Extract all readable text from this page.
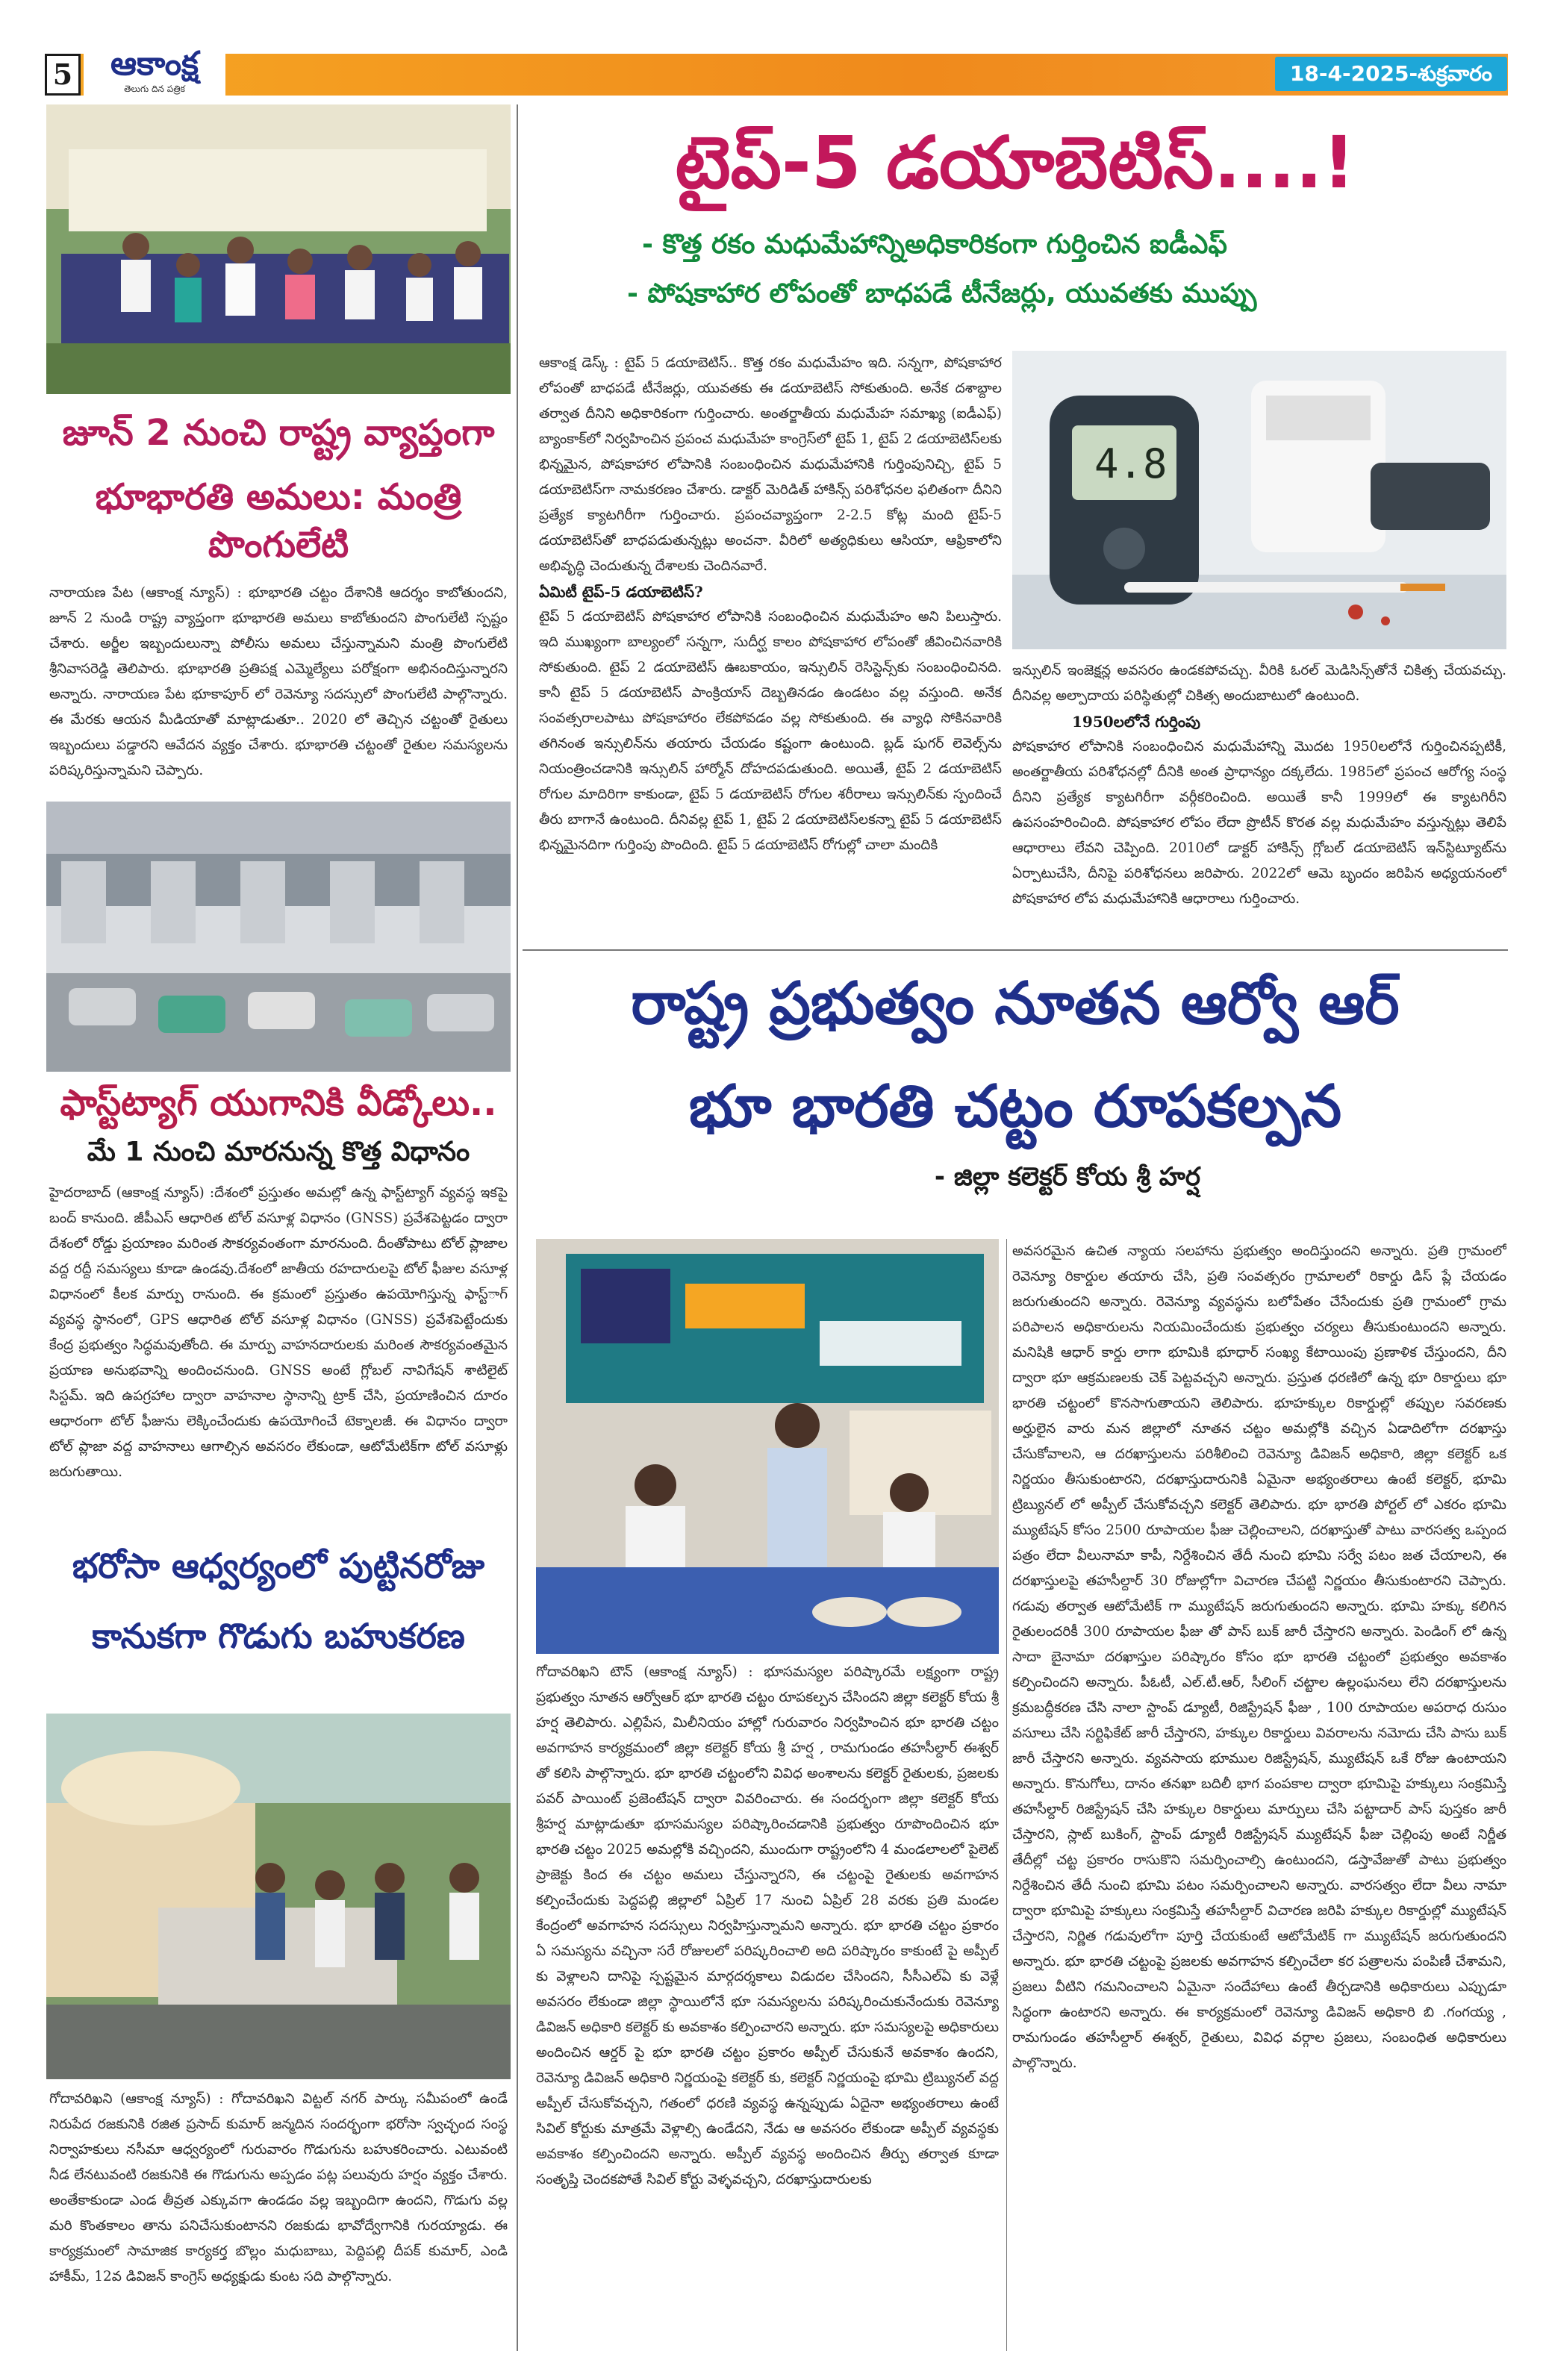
5	ఆకాంక్ష
తెలుగు దిన పత్రిక
18-4-2025-శుక్రవారం
జూన్ 2 నుంచి రాష్ట్ర వ్యాప్తంగా
భూభారతి అమలు: మంత్రి పొంగులేటి
నారాయణ పేట (ఆకాంక్ష న్యూస్) : భూభారతి చట్టం దేశానికి ఆదర్శం కాబోతుందని, జూన్ 2 నుండి రాష్ట్ర వ్యాప్తంగా భూభారతి అమలు కాబోతుందని పొంగులేటి స్పష్టం చేశారు. అర్జీల ఇబ్బందులున్నా పోలీసు అమలు చేస్తున్నామని మంత్రి పొంగులేటి శ్రీనివాసరెడ్డి తెలిపారు. భూభారతి ప్రతిపక్ష ఎమ్మెల్యేలు పరోక్షంగా అభినందిస్తున్నారని అన్నారు. నారాయణ పేట భూకాపూర్ లో రెవెన్యూ సదస్సులో పొంగులేటి పాల్గొన్నారు. ఈ మేరకు ఆయన మీడియాతో మాట్లాడుతూ.. 2020 లో తెచ్చిన చట్టంతో రైతులు ఇబ్బందులు పడ్డారని ఆవేదన వ్యక్తం చేశారు. భూభారతి చట్టంతో రైతుల సమస్యలను పరిష్కరిస్తున్నామని చెప్పారు.
ఫాస్ట్‌ట్యాగ్ యుగానికి వీడ్కోలు..
మే 1 నుంచి మారనున్న కొత్త విధానం
హైదరాబాద్ (ఆకాంక్ష న్యూస్) :దేశంలో ప్రస్తుతం అమల్లో ఉన్న ఫాస్ట్‌ట్యాగ్ వ్యవస్థ ఇకపై బంద్ కానుంది. జీపీఎస్ ఆధారిత టోల్ వసూళ్ల విధానం (GNSS) ప్రవేశపెట్టడం ద్వారా దేశంలో రోడ్డు ప్రయాణం మరింత సౌకర్యవంతంగా మారనుంది. దీంతోపాటు టోల్ ప్లాజాల వద్ద రద్దీ సమస్యలు కూడా ఉండవు.దేశంలో జాతీయ రహదారులపై టోల్ ఫీజుల వసూళ్ల విధానంలో కీలక మార్పు రానుంది. ఈ క్రమంలో ప్రస్తుతం ఉపయోగిస్తున్న ఫాస్ట్‌ాగ్ వ్యవస్థ స్థానంలో, GPS ఆధారిత టోల్ వసూళ్ల విధానం (GNSS) ప్రవేశపెట్టేందుకు కేంద్ర ప్రభుత్వం సిద్ధమవుతోంది. ఈ మార్పు వాహనదారులకు మరింత సౌకర్యవంతమైన ప్రయాణ అనుభవాన్ని అందించనుంది. GNSS అంటే గ్లోబల్ నావిగేషన్ శాటిలైట్ సిస్టమ్. ఇది ఉపగ్రహాల ద్వారా వాహనాల స్థానాన్ని ట్రాక్ చేసి, ప్రయాణించిన దూరం ఆధారంగా టోల్ ఫీజును లెక్కించేందుకు ఉపయోగించే టెక్నాలజీ. ఈ విధానం ద్వారా టోల్ ప్లాజా వద్ద వాహనాలు ఆగాల్సిన అవసరం లేకుండా, ఆటోమేటిక్‌గా టోల్ వసూళ్లు జరుగుతాయి.
భరోసా ఆధ్వర్యంలో పుట్టినరోజు
కానుకగా గొడుగు బహుకరణ
గోదావరిఖని (ఆకాంక్ష న్యూస్) : గోదావరిఖని విట్టల్ నగర్ పార్కు సమీపంలో ఉండే నిరుపేద రజకునికి రజిత ప్రసాద్ కుమార్ జన్మదిన సందర్భంగా భరోసా స్వచ్ఛంద సంస్థ నిర్వాహకులు నసీమా ఆధ్వర్యంలో గురువారం గొడుగును బహుకరించారు. ఎటువంటి నీడ లేనటువంటి రజకునికి ఈ గొడుగును అప్పడం పట్ల పలువురు హర్షం వ్యక్తం చేశారు. అంతేకాకుండా ఎండ తీవ్రత ఎక్కువగా ఉండడం వల్ల ఇబ్బందిగా ఉందని, గొడుగు వల్ల మరి కొంతకాలం తాను పనిచేసుకుంటానని రజకుడు భావోద్వేగానికి గురయ్యాడు. ఈ కార్యక్రమంలో సామాజిక కార్యకర్త బొల్లం మధుబాబు, పెద్దిపల్లి దీపక్ కుమార్, ఎండి హాకీమ్, 12వ డివిజన్ కాంగ్రెస్ అధ్యక్షుడు కుంట సది పాల్గొన్నారు.
టైప్-5 డయాబెటిస్....!
- కొత్త రకం మధుమేహాన్నిఅధికారికంగా గుర్తించిన ఐడీఎఫ్
- పోషకాహార లోపంతో బాధపడే టీనేజర్లు, యువతకు ముప్పు
ఆకాంక్ష డెస్క్ : టైప్ 5 డయాబెటిస్.. కొత్త రకం మధుమేహం ఇది. సన్నగా, పోషకాహార లోపంతో బాధపడే టీనేజర్లు, యువతకు ఈ డయాబెటిస్ సోకుతుంది. అనేక దశాబ్దాల తర్వాత దీనిని అధికారికంగా గుర్తించారు. అంతర్జాతీయ మధుమేహ సమాఖ్య (ఐడీఎఫ్) బ్యాంకాక్‌లో నిర్వహించిన ప్రపంచ మధుమేహ కాంగ్రెస్‌లో టైప్ 1, టైప్ 2 డయాబెటిస్‌లకు భిన్నమైన, పోషకాహార లోపానికి సంబంధించిన మధుమేహానికి గుర్తింపునిచ్చి, టైప్ 5 డయాబెటిస్‌గా నామకరణం చేశారు. డాక్టర్ మెరిడిత్ హాకిన్స్ పరిశోధనల ఫలితంగా దీనిని ప్రత్యేక క్యాటగిరీగా గుర్తించారు. ప్రపంచవ్యాప్తంగా 2-2.5 కోట్ల మంది టైప్-5 డయాబెటిస్‌తో బాధపడుతున్నట్లు అంచనా. వీరిలో అత్యధికులు ఆసియా, ఆఫ్రికాలోని అభివృద్ధి చెందుతున్న దేశాలకు చెందినవారే.
ఏమిటీ టైప్-5 డయాబెటిస్?
టైప్ 5 డయాబెటిస్ పోషకాహార లోపానికి సంబంధించిన మధుమేహం అని పిలుస్తారు. ఇది ముఖ్యంగా బాల్యంలో సన్నగా, సుదీర్ఘ కాలం పోషకాహార లోపంతో జీవించినవారికి సోకుతుంది. టైప్ 2 డయాబెటిస్ ఊబకాయం, ఇన్సులిన్ రెసిస్టెన్స్‌కు సంబంధించినది. కానీ టైప్ 5 డయాబెటిస్ పాంక్రియాస్ దెబ్బతినడం ఉండటం వల్ల వస్తుంది. అనేక సంవత్సరాలపాటు పోషకాహారం లేకపోవడం వల్ల సోకుతుంది. ఈ వ్యాధి సోకినవారికి తగినంత ఇన్సులిన్‌ను తయారు చేయడం కష్టంగా ఉంటుంది. బ్లడ్ షుగర్ లెవెల్స్‌ను నియంత్రించడానికి ఇన్సులిన్ హార్మోన్ దోహదపడుతుంది. అయితే, టైప్ 2 డయాబెటిస్ రోగుల మాదిరిగా కాకుండా, టైప్ 5 డయాబెటిస్ రోగుల శరీరాలు ఇన్సులిన్‌కు స్పందించే తీరు బాగానే ఉంటుంది. దీనివల్ల టైప్ 1, టైప్ 2 డయాబెటిస్‌లకన్నా టైప్ 5 డయాబెటిస్ భిన్నమైనదిగా గుర్తింపు పొందింది. టైప్ 5 డయాబెటిస్ రోగుల్లో చాలా మందికి
4.8
ఇన్సులిన్ ఇంజెక్షన్ల అవసరం ఉండకపోవచ్చు. వీరికి ఓరల్ మెడిసిన్స్‌తోనే చికిత్స చేయవచ్చు. దీనివల్ల అల్పాదాయ పరిస్థితుల్లో చికిత్స అందుబాటులో ఉంటుంది.
1950లలోనే గుర్తింపు
పోషకాహార లోపానికి సంబంధించిన మధుమేహాన్ని మొదట 1950లలోనే గుర్తించినప్పటికీ, అంతర్జాతీయ పరిశోధనల్లో దీనికి అంత ప్రాధాన్యం దక్కలేదు. 1985లో ప్రపంచ ఆరోగ్య సంస్థ దీనిని ప్రత్యేక క్యాటగిరీగా వర్గీకరించింది. అయితే కానీ 1999లో ఈ క్యాటగిరీని ఉపసంహరించింది. పోషకాహార లోపం లేదా ప్రొటీన్ కొరత వల్ల మధుమేహం వస్తున్నట్లు తెలిపే ఆధారాలు లేవని చెప్పింది. 2010లో డాక్టర్ హాకిన్స్ గ్లోబల్ డయాబెటిస్ ఇన్‌స్టిట్యూట్‌ను ఏర్పాటుచేసి, దీనిపై పరిశోధనలు జరిపారు. 2022లో ఆమె బృందం జరిపిన అధ్యయనంలో పోషకాహార లోప మధుమేహానికి ఆధారాలు గుర్తించారు.
రాష్ట్ర ప్రభుత్వం నూతన ఆర్వో ఆర్
భూ భారతి చట్టం రూపకల్పన
- జిల్లా కలెక్టర్ కోయ శ్రీ హర్ష
గోదావరిఖని టౌన్ (ఆకాంక్ష న్యూస్) : భూసమస్యల పరిష్కారమే లక్ష్యంగా రాష్ట్ర ప్రభుత్వం నూతన ఆర్వోఆర్ భూ భారతి చట్టం రూపకల్పన చేసిందని జిల్లా కలెక్టర్ కోయ శ్రీ హర్ష తెలిపారు. ఎల్లిపేస, మిలీనియం హాల్లో గురువారం నిర్వహించిన భూ భారతి చట్టం అవగాహన కార్యక్రమంలో జిల్లా కలెక్టర్ కోయ శ్రీ హర్ష , రామగుండం తహసీల్దార్ ఈశ్వర్ తో కలిసి పాల్గొన్నారు. భూ భారతి చట్టంలోని వివిధ అంశాలను కలెక్టర్ రైతులకు, ప్రజలకు పవర్ పాయింట్ ప్రజెంటేషన్ ద్వారా వివరించారు. ఈ సందర్భంగా జిల్లా కలెక్టర్ కోయ శ్రీహర్ష మాట్లాడుతూ భూసమస్యల పరిష్కారించడానికి ప్రభుత్వం రూపొందించిన భూ భారతి చట్టం 2025 అమల్లోకి వచ్చిందని, ముందుగా రాష్ట్రంలోని 4 మండలాలలో పైలెట్ ప్రాజెక్టు కింద ఈ చట్టం అమలు చేస్తున్నారని, ఈ చట్టంపై రైతులకు అవగాహన కల్పించేందుకు పెద్దపల్లి జిల్లాలో ఏప్రిల్ 17 నుంచి ఏప్రిల్ 28 వరకు ప్రతి మండల కేంద్రంలో అవగాహన సదస్సులు నిర్వహిస్తున్నామని అన్నారు. భూ భారతి చట్టం ప్రకారం ఏ సమస్యను వచ్చినా సరే రోజులలో పరిష్కరించాలి అది పరిష్కారం కాకుంటే పై అప్పీల్ కు వెళ్లాలని దానిపై స్పష్టమైన మార్గదర్శకాలు విడుదల చేసిందని, సీసీఎల్ఏ కు వెళ్లే అవసరం లేకుండా జిల్లా స్థాయిలోనే భూ సమస్యలను పరిష్కరించుకునేందుకు రెవెన్యూ డివిజన్ అధికారి కలెక్టర్ కు అవకాశం కల్పించారని అన్నారు. భూ సమస్యలపై అధికారులు అందించిన ఆర్డర్ పై భూ భారతి చట్టం ప్రకారం అప్పీల్ చేసుకునే అవకాశం ఉందని, రెవెన్యూ డివిజన్ అధికారి నిర్ణయంపై కలెక్టర్ కు, కలెక్టర్ నిర్ణయంపై భూమి ట్రిబ్యునల్ వద్ద అప్పీల్ చేసుకోవచ్చని, గతంలో ధరణి వ్యవస్థ ఉన్నప్పుడు ఏదైనా అభ్యంతరాలు ఉంటే సివిల్ కోర్టుకు మాత్రమే వెళ్లాల్సి ఉండేదని, నేడు ఆ అవసరం లేకుండా అప్పీల్ వ్యవస్థకు అవకాశం కల్పించిందని అన్నారు. అప్పీల్ వ్యవస్థ అందించిన తీర్పు తర్వాత కూడా సంతృప్తి చెందకపోతే సివిల్ కోర్టు వెళ్ళవచ్చని, దరఖాస్తుదారులకు
అవసరమైన ఉచిత న్యాయ సలహాను ప్రభుత్వం అందిస్తుందని అన్నారు. ప్రతి గ్రామంలో రెవెన్యూ రికార్డుల తయారు చేసి, ప్రతి సంవత్సరం గ్రామాలలో రికార్డు డిస్ ప్లే చేయడం జరుగుతుందని అన్నారు. రెవెన్యూ వ్యవస్థను బలోపేతం చేసేందుకు ప్రతి గ్రామంలో గ్రామ పరిపాలన అధికారులను నియమించేందుకు ప్రభుత్వం చర్యలు తీసుకుంటుందని అన్నారు. మనిషికి ఆధార్ కార్డు లాగా భూమికి భూధార్ సంఖ్య కేటాయింపు ప్రణాళిక చేస్తుందని, దీని ద్వారా భూ ఆక్రమణలకు చెక్ పెట్టవచ్చని అన్నారు. ప్రస్తుత ధరణిలో ఉన్న భూ రికార్డులు భూ భారతి చట్టంలో కొనసాగుతాయని తెలిపారు. భూహక్కుల రికార్డుల్లో తప్పుల సవరణకు అర్హులైన వారు మన జిల్లాలో నూతన చట్టం అమల్లోకి వచ్చిన ఏడాదిలోగా దరఖాస్తు చేసుకోవాలని, ఆ దరఖాస్తులను పరిశీలించి రెవెన్యూ డివిజన్ అధికారి, జిల్లా కలెక్టర్ ఒక నిర్ణయం తీసుకుంటారని, దరఖాస్తుదారునికి ఏమైనా అభ్యంతరాలు ఉంటే కలెక్టర్, భూమి ట్రిబ్యునల్ లో అప్పీల్ చేసుకోవచ్చని కలెక్టర్ తెలిపారు. భూ భారతి పోర్టల్ లో ఎకరం భూమి మ్యుటేషన్ కోసం 2500 రూపాయల ఫీజు చెల్లించాలని, దరఖాస్తుతో పాటు వారసత్వ ఒప్పంద పత్రం లేదా వీలునామా కాపీ, నిర్దేశించిన తేదీ నుంచి భూమి సర్వే పటం జత చేయాలని, ఈ దరఖాస్తులపై తహసీల్దార్ 30 రోజుల్లోగా విచారణ చేపట్టి నిర్ణయం తీసుకుంటారని చెప్పారు. గడువు తర్వాత ఆటోమేటిక్ గా మ్యుటేషన్ జరుగుతుందని అన్నారు. భూమి హక్కు కలిగిన రైతులందరికీ 300 రూపాయల ఫీజు తో పాస్ బుక్ జారీ చేస్తారని అన్నారు. పెండింగ్ లో ఉన్న సాదా బైనామా దరఖాస్తుల పరిష్కారం కోసం భూ భారతి చట్టంలో ప్రభుత్వం అవకాశం కల్పించిందని అన్నారు. పీఓటీ, ఎల్.టీ.ఆర్, సీలింగ్ చట్టాల ఉల్లంఘనలు లేని దరఖాస్తులను క్రమబద్ధీకరణ చేసి నాలా స్టాంప్ డ్యూటీ, రిజిస్ట్రేషన్ ఫీజు , 100 రూపాయల అపరాధ రుసుం వసూలు చేసి సర్టిఫికేట్ జారీ చేస్తారని, హక్కుల రికార్డులు వివరాలను నమోదు చేసి పాసు బుక్ జారీ చేస్తారని అన్నారు. వ్యవసాయ భూముల రిజిస్ట్రేషన్, మ్యుటేషన్ ఒకే రోజు ఉంటాయని అన్నారు. కొనుగోలు, దానం తనఖా బదిలీ భాగ పంపకాల ద్వారా భూమిపై హక్కులు సంక్రమిస్తే తహసీల్దార్ రిజిస్ట్రేషన్ చేసి హక్కుల రికార్డులు మార్పులు చేసి పట్టాదార్ పాస్ పుస్తకం జారీ చేస్తారని, స్లాట్ బుకింగ్, స్టాంప్ డ్యూటీ రిజిస్ట్రేషన్ మ్యుటేషన్ ఫీజు చెల్లింపు అంటే నిర్ణీత తేదీల్లో చట్ట ప్రకారం రాసుకొని సమర్పించాల్సి ఉంటుందని, డస్తావేజుతో పాటు ప్రభుత్వం నిర్దేశించిన తేదీ నుంచి భూమి పటం సమర్పించాలని అన్నారు. వారసత్వం లేదా వీలు నామా ద్వారా భూమిపై హక్కులు సంక్రమిస్తే తహసీల్దార్ విచారణ జరిపి హక్కుల రికార్డుల్లో మ్యుటేషన్ చేస్తారని, నిర్ణిత గడువులోగా పూర్తి చేయకుంటే ఆటోమేటిక్ గా మ్యుటేషన్ జరుగుతుందని అన్నారు. భూ భారతి చట్టంపై ప్రజలకు అవగాహన కల్పించేలా కర పత్రాలను పంపిణీ చేశామని, ప్రజలు వీటిని గమనించాలని ఏమైనా సందేహాలు ఉంటే తీర్చడానికి అధికారులు ఎప్పుడూ సిద్ధంగా ఉంటారని అన్నారు. ఈ కార్యక్రమంలో రెవెన్యూ డివిజన్ అధికారి బి .గంగయ్య , రామగుండం తహసీల్దార్ ఈశ్వర్, రైతులు, వివిధ వర్గాల ప్రజలు, సంబంధిత అధికారులు పాల్గొన్నారు.
